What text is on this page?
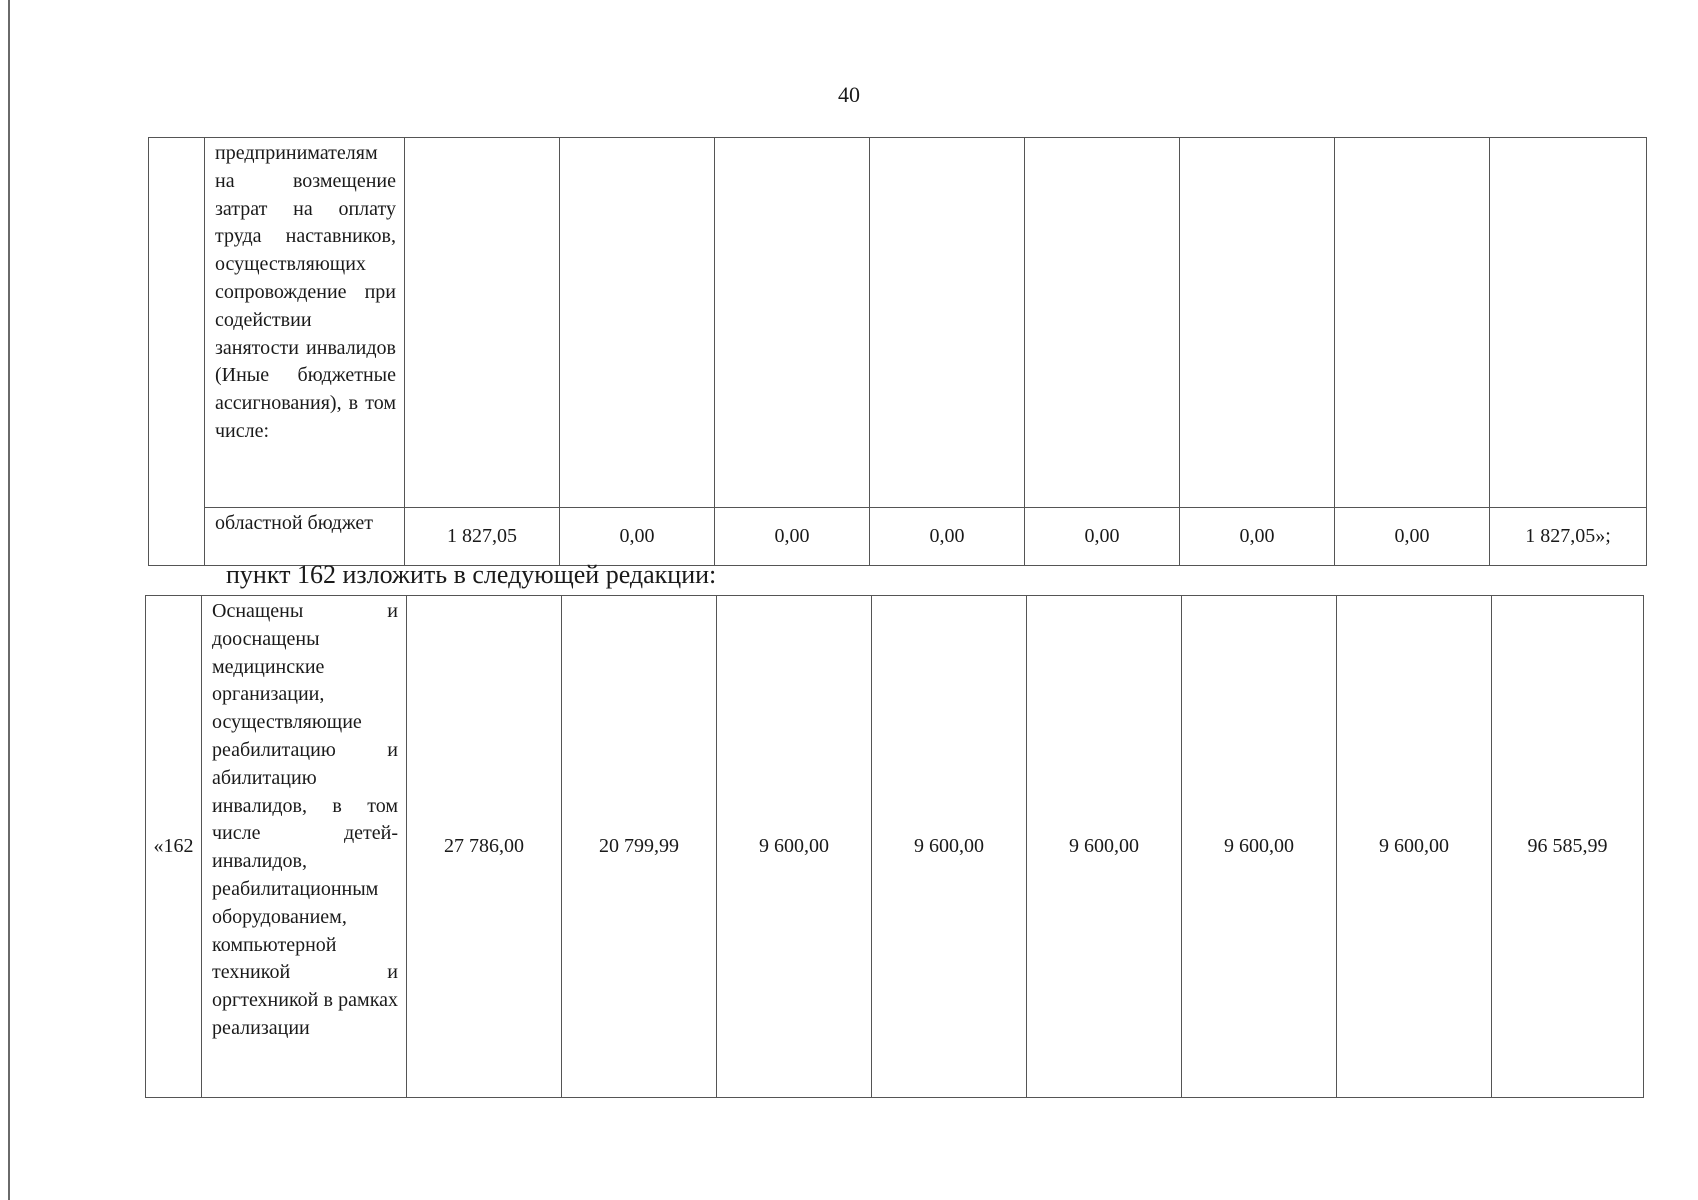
40
	предпринимателям на возмещение затрат на оплату труда наставников, осуществляющих сопровождение при содействии занятости инвалидов (Иные бюджетные ассигнования), в том числе:								
	областной бюджет	1 827,05	0,00	0,00	0,00	0,00	0,00	0,00	1 827,05»;
пункт 162 изложить в следующей редакции:
«162	Оснащены и дооснащены медицинские организации, осуществляющие реабилитацию и абилитацию инвалидов, в том числе детей-инвалидов, реабилитационным оборудованием, компьютерной техникой и оргтехникой в рамках реализации	27 786,00	20 799,99	9 600,00	9 600,00	9 600,00	9 600,00	9 600,00	96 585,99
